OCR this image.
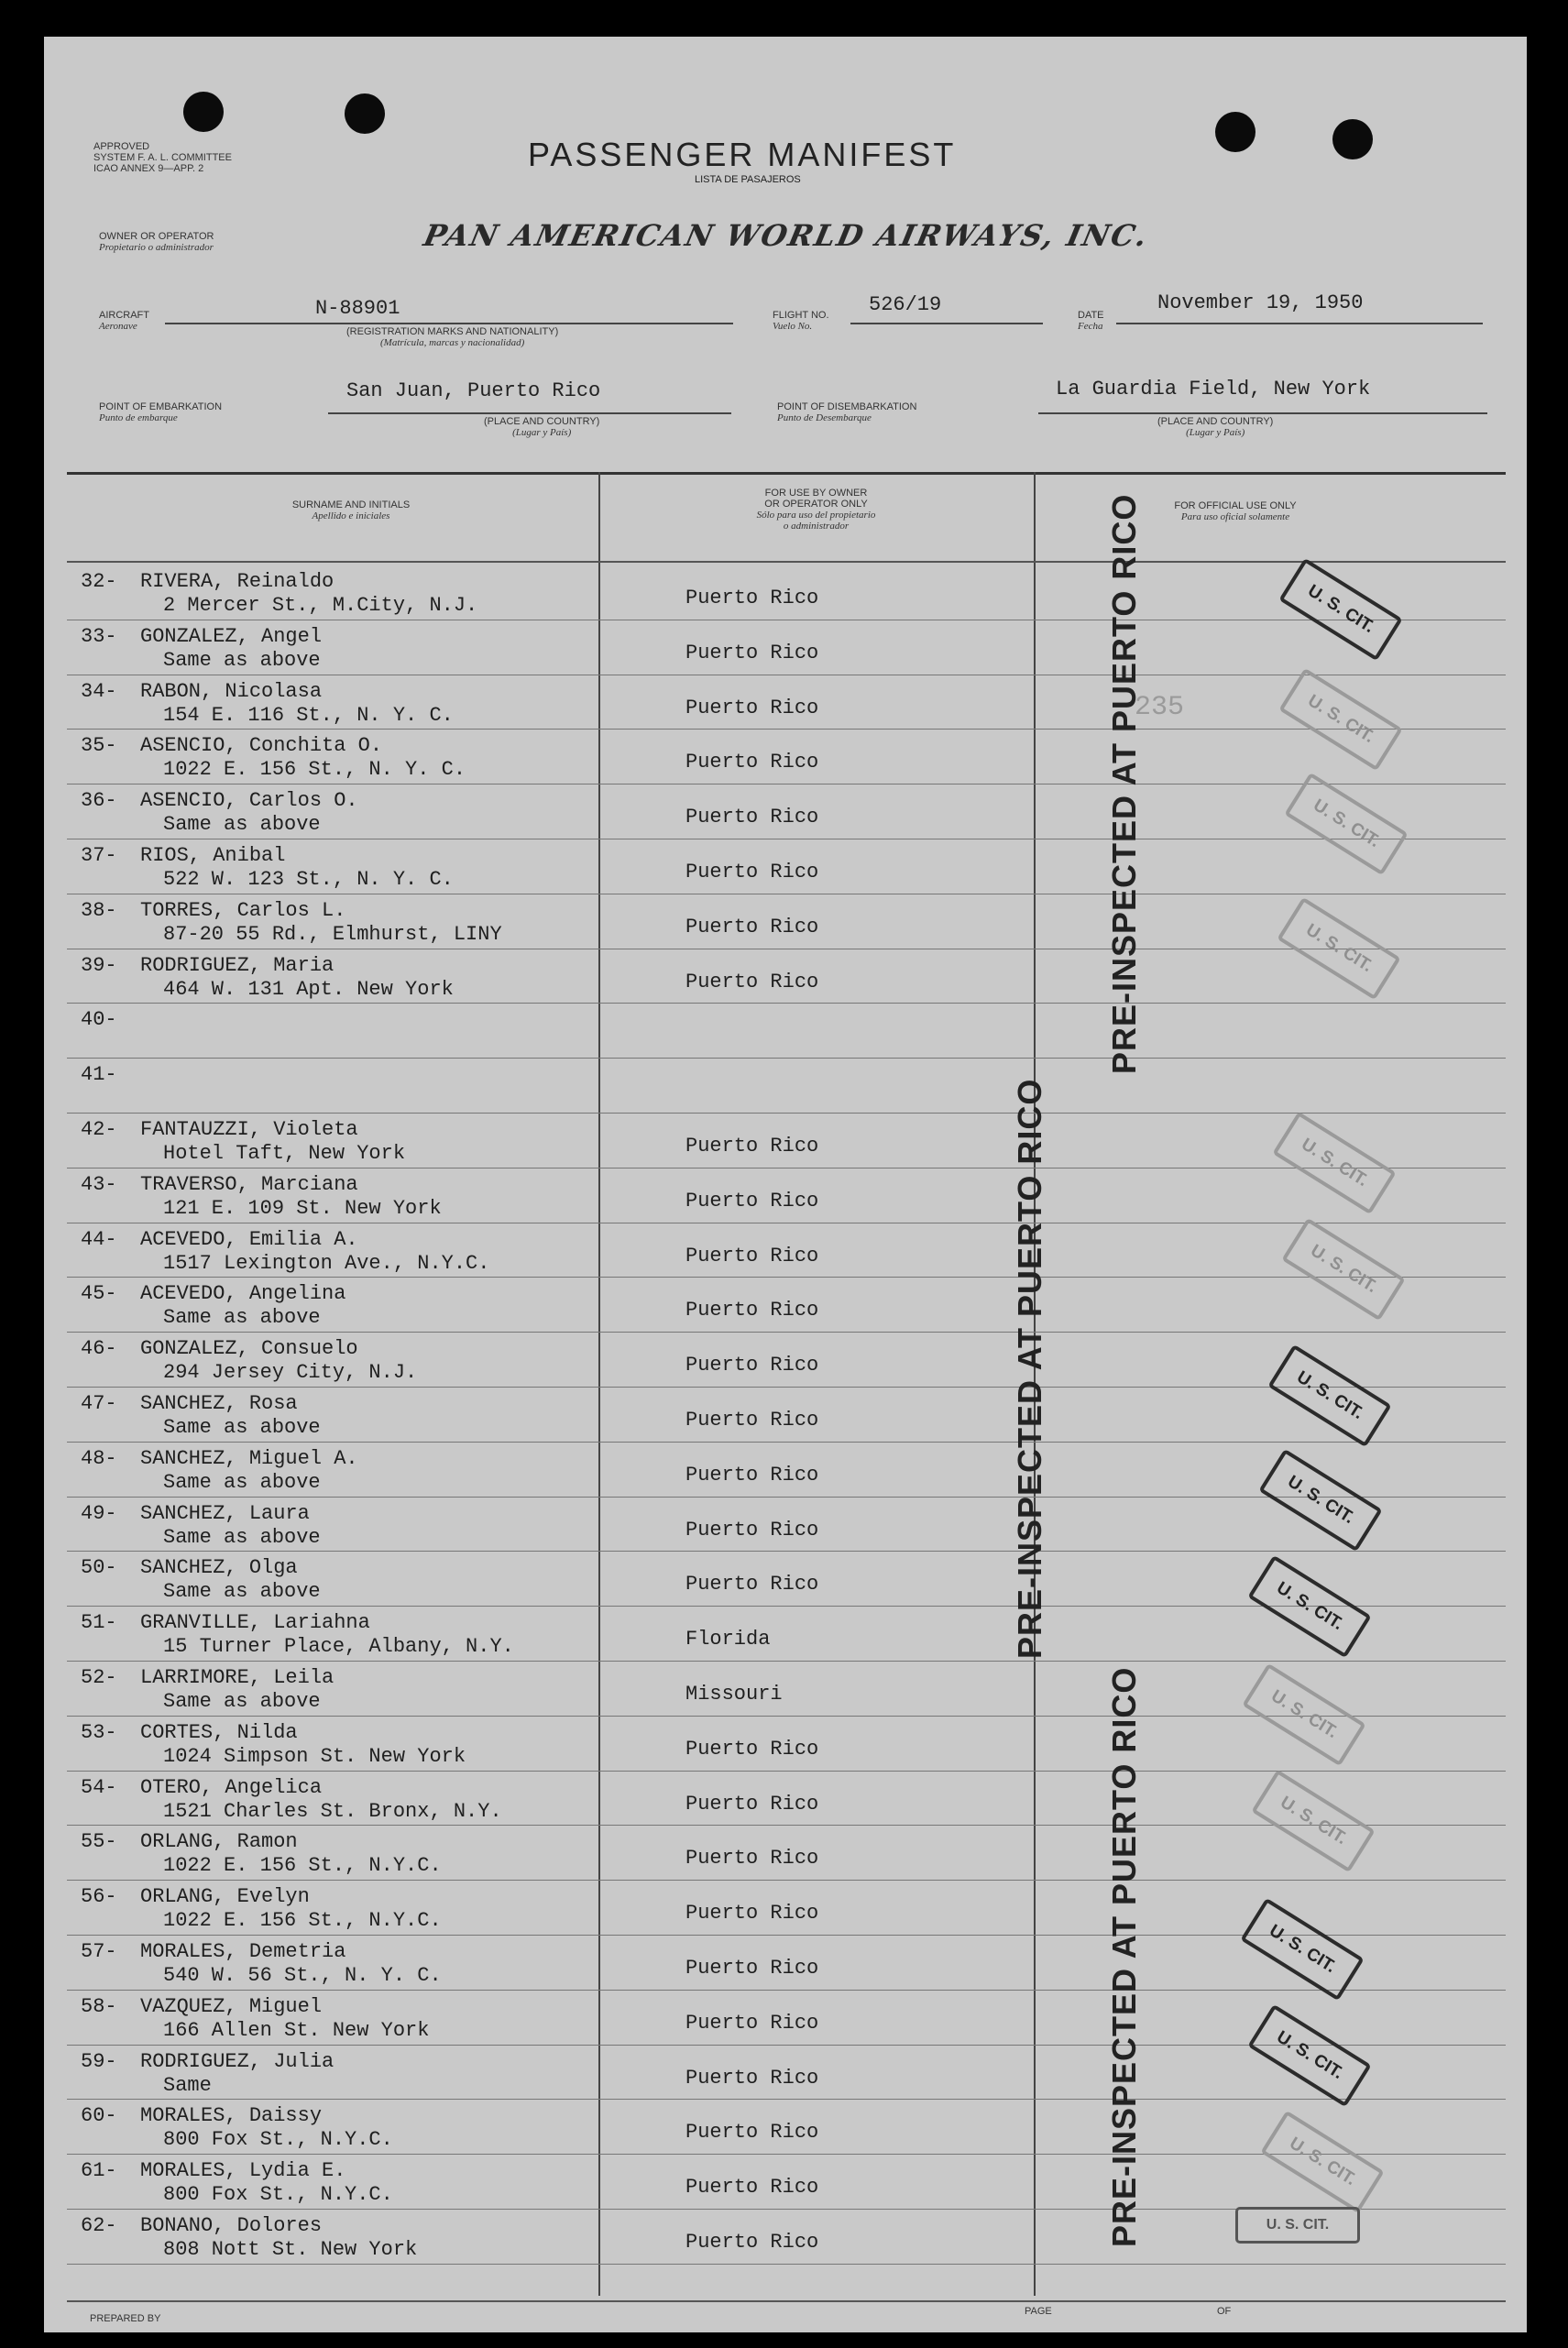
APPROVED
SYSTEM F. A. L. COMMITTEE
ICAO ANNEX 9—APP. 2	PASSENGER MANIFEST
LISTA DE PASAJEROS
OWNER OR OPERATOR
Propietario o administrador	PAN AMERICAN WORLD AIRWAYS, INC.
AIRCRAFT
Aeronave
N-88901
(REGISTRATION MARKS AND NATIONALITY)
(Matrícula, marcas y nacionalidad)
FLIGHT NO.
Vuelo No.
526/19	DATE
Fecha
November 19, 1950
POINT OF EMBARKATION
Punto de embarque
San Juan, Puerto Rico
(PLACE AND COUNTRY)
(Lugar y País)
POINT OF DISEMBARKATION
Punto de Desembarque
La Guardia Field, New York
(PLACE AND COUNTRY)
(Lugar y País)
SURNAME AND INITIALS
Apellido e iniciales
FOR USE BY OWNER
OR OPERATOR ONLY
Sólo para uso del propietario
o administrador
FOR OFFICIAL USE ONLY
Para uso oficial solamente
32- RIVERA, Reinaldo
2 Mercer St., M.City, N.J.	Puerto Rico
33- GONZALEZ, Angel
Same as above	Puerto Rico
34- RABON, Nicolasa
154 E. 116 St., N. Y. C.	Puerto Rico
35- ASENCIO, Conchita O.
1022 E. 156 St., N. Y. C.	Puerto Rico
36- ASENCIO, Carlos O.
Same as above	Puerto Rico
37- RIOS, Anibal
522 W. 123 St., N. Y. C.	Puerto Rico
38- TORRES, Carlos L.
87-20 55 Rd., Elmhurst, LINY	Puerto Rico
39- RODRIGUEZ, Maria
464 W. 131 Apt. New York	Puerto Rico
40-
41-
42- FANTAUZZI, Violeta
Hotel Taft, New York	Puerto Rico
43- TRAVERSO, Marciana
121 E. 109 St. New York	Puerto Rico
44- ACEVEDO, Emilia A.
1517 Lexington Ave., N.Y.C.	Puerto Rico
45- ACEVEDO, Angelina
Same as above	Puerto Rico
46- GONZALEZ, Consuelo
294 Jersey City, N.J.	Puerto Rico
47- SANCHEZ, Rosa
Same as above	Puerto Rico
48- SANCHEZ, Miguel A.
Same as above	Puerto Rico
49- SANCHEZ, Laura
Same as above	Puerto Rico
50- SANCHEZ, Olga
Same as above	Puerto Rico
51- GRANVILLE, Lariahna
15 Turner Place, Albany, N.Y.	Florida
52- LARRIMORE, Leila
Same as above	Missouri
53- CORTES, Nilda
1024 Simpson St. New York	Puerto Rico
54- OTERO, Angelica
1521 Charles St. Bronx, N.Y.	Puerto Rico
55- ORLANG, Ramon
1022 E. 156 St., N.Y.C.	Puerto Rico
56- ORLANG, Evelyn
1022 E. 156 St., N.Y.C.	Puerto Rico
57- MORALES, Demetria
540 W. 56 St., N. Y. C.	Puerto Rico
58- VAZQUEZ, Miguel
166 Allen St. New York	Puerto Rico
59- RODRIGUEZ, Julia
Same	Puerto Rico
60- MORALES, Daissy
800 Fox St., N.Y.C.	Puerto Rico
61- MORALES, Lydia E.
800 Fox St., N.Y.C.	Puerto Rico
62- BONANO, Dolores
808 Nott St. New York	Puerto Rico
PRE-INSPECTED AT PUERTO RICO
PRE-INSPECTED AT PUERTO RICO
PRE-INSPECTED AT PUERTO RICO
235
U. S. CIT.
U. S. CIT.
U. S. CIT.
U. S. CIT.
U. S. CIT.
U. S. CIT.
U. S. CIT.
U. S. CIT.
U. S. CIT.
U. S. CIT.
U. S. CIT.
U. S. CIT.
U. S. CIT.
U. S. CIT.
U. S. CIT.
PREPARED BY
PAGE	OF
